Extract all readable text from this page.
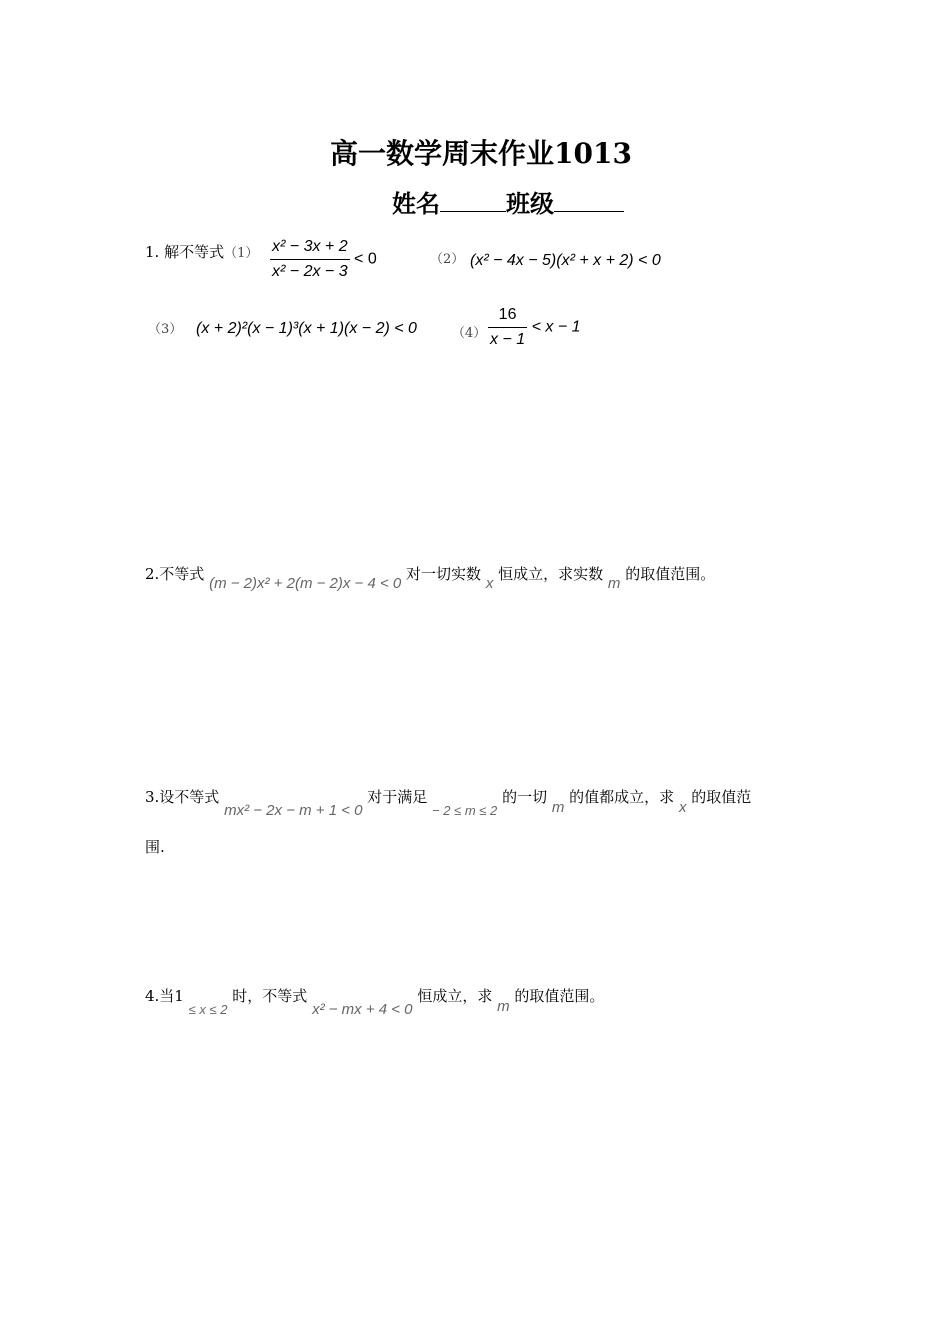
高一数学周末作业1013
姓名	班级
1. 解不等式$(1) \frac{\text{x² − 3x + 2}}{\text{x² − 2x − 3}} < 0$	（2） (x² − 4x − 5)(x² + x + 2) < 0
（3） (x + 2)²(x − 1)³(x + 1)(x − 2) < 0	$(4) \frac{16}{x - 1} < x - 1$
2.不等式 (m − 2)x² + 2(m − 2)x − 4 < 0 对一切实数 x 恒成立，求实数 m 的取值范围。
3.设不等式 mx² − 2x − m + 1 < 0 对于满足 − 2 ≤ m ≤ 2 的一切 m 的值都成立，求 x 的取值范
围.
4.当1 ≤ x ≤ 2 时，不等式 x² − mx + 4 < 0 恒成立，求 m 的取值范围。
